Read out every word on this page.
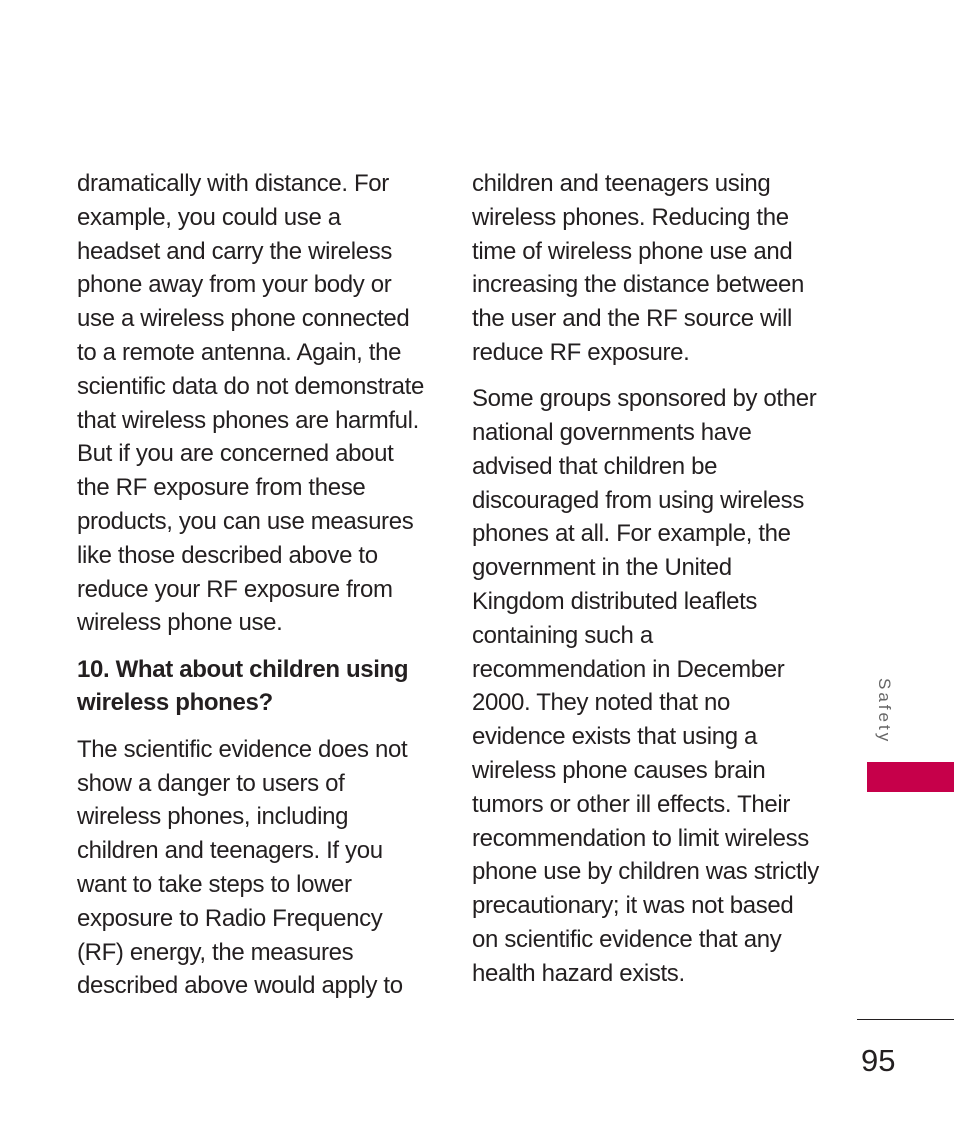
dramatically with distance. For example, you could use a headset and carry the wireless phone away from your body or use a wireless phone connected to a remote antenna. Again, the scientific data do not demonstrate that wireless phones are harmful. But if you are concerned about the RF exposure from these products, you can use measures like those described above to reduce your RF exposure from wireless phone use.

10. What about children using wireless phones?

The scientific evidence does not show a danger to users of wireless phones, including children and teenagers. If you want to take steps to lower exposure to Radio Frequency (RF) energy, the measures described above would apply to

children and teenagers using wireless phones. Reducing the time of wireless phone use and increasing the distance between the user and the RF source will reduce RF exposure.

Some groups sponsored by other national governments have advised that children be discouraged from using wireless phones at all. For example, the government in the United Kingdom distributed leaflets containing such a recommendation in December 2000. They noted that no evidence exists that using a wireless phone causes brain tumors or other ill effects. Their recommendation to limit wireless phone use by children was strictly precautionary; it was not based on scientific evidence that any health hazard exists.

Safety
95
